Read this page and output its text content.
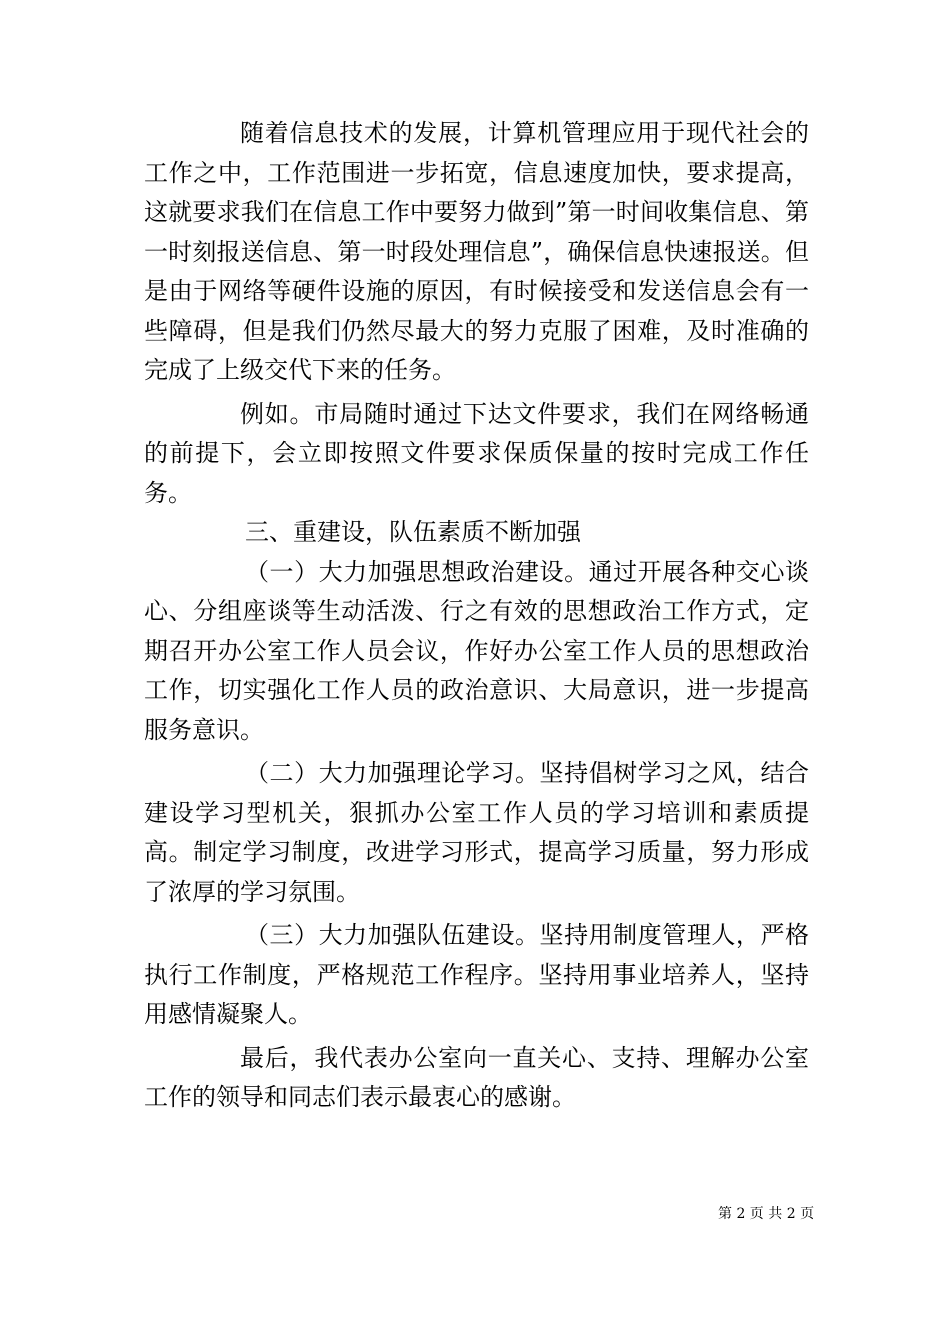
随着信息技术的发展，计算机管理应用于现代社会的工作之中，工作范围进一步拓宽，信息速度加快，要求提高，这就要求我们在信息工作中要努力做到”第一时间收集信息、第一时刻报送信息、第一时段处理信息”，确保信息快速报送。但是由于网络等硬件设施的原因，有时候接受和发送信息会有一些障碍，但是我们仍然尽最大的努力克服了困难，及时准确的完成了上级交代下来的任务。

例如。市局随时通过下达文件要求，我们在网络畅通的前提下，会立即按照文件要求保质保量的按时完成工作任务。

三、重建设，队伍素质不断加强

（一）大力加强思想政治建设。通过开展各种交心谈心、分组座谈等生动活泼、行之有效的思想政治工作方式，定期召开办公室工作人员会议，作好办公室工作人员的思想政治工作，切实强化工作人员的政治意识、大局意识，进一步提高服务意识。

（二）大力加强理论学习。坚持倡树学习之风，结合建设学习型机关，狠抓办公室工作人员的学习培训和素质提高。制定学习制度，改进学习形式，提高学习质量，努力形成了浓厚的学习氛围。

（三）大力加强队伍建设。坚持用制度管理人，严格执行工作制度，严格规范工作程序。坚持用事业培养人，坚持用感情凝聚人。

最后，我代表办公室向一直关心、支持、理解办公室工作的领导和同志们表示最衷心的感谢。

第 2 页 共 2 页
